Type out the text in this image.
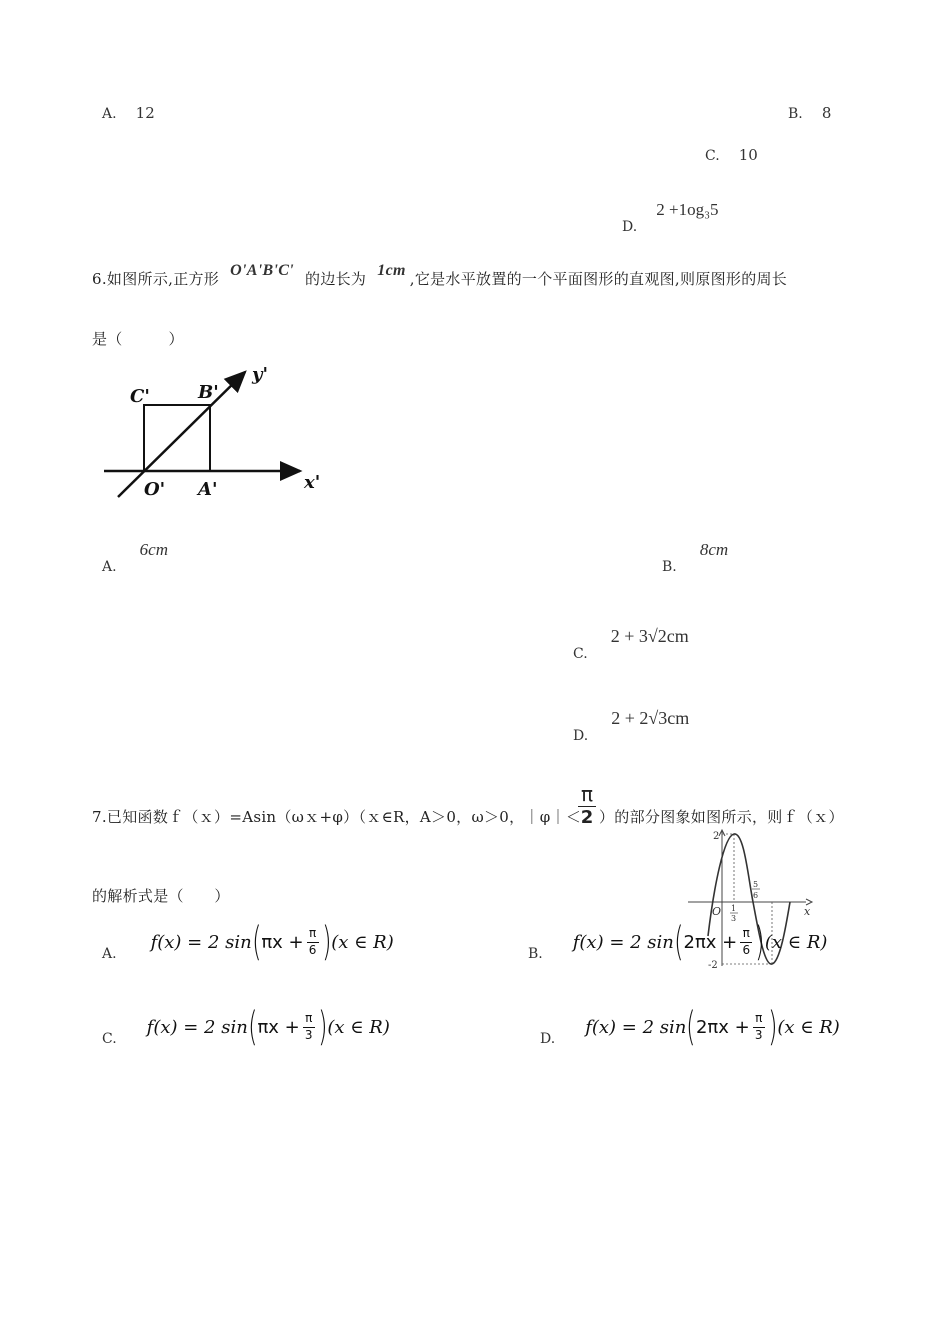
A. 12	B. 8
C. 10
D. 2 +1og₃5
6.如图所示,正方形 O'A'B'C' 的边长为 1cm ,它是水平放置的一个平面图形的直观图,则原图形的周长
是（　　　）
C'	B'
y'
O' A'	x'
A. 6cm
B. 8cm
C. 2 + 3√2cm
D. 2 + 2√3cm
7.已知函数ｆ（ｘ）=Asin（ωｘ+φ）（ｘ∈R，A＞0，ω＞0，｜φ｜＜
π
2 ）的部分图象如图所示，则ｆ（ｘ）
的解析式是（　　）
2
-2
O	x
1
3
5
6
A.
f(x) = 2 sin ( $\pi x + \frac{\pi}{6}$ ) (x ∈ R)
B.
f(x) = 2 sin ( $2\pi x + \frac{\pi}{6}$ ) (x ∈ R)
C.
f(x) = 2 sin ( $\pi x + \frac{\pi}{3}$ ) (x ∈ R)
D.
f(x) = 2 sin ( $2\pi x + \frac{\pi}{3}$ ) (x ∈ R)
